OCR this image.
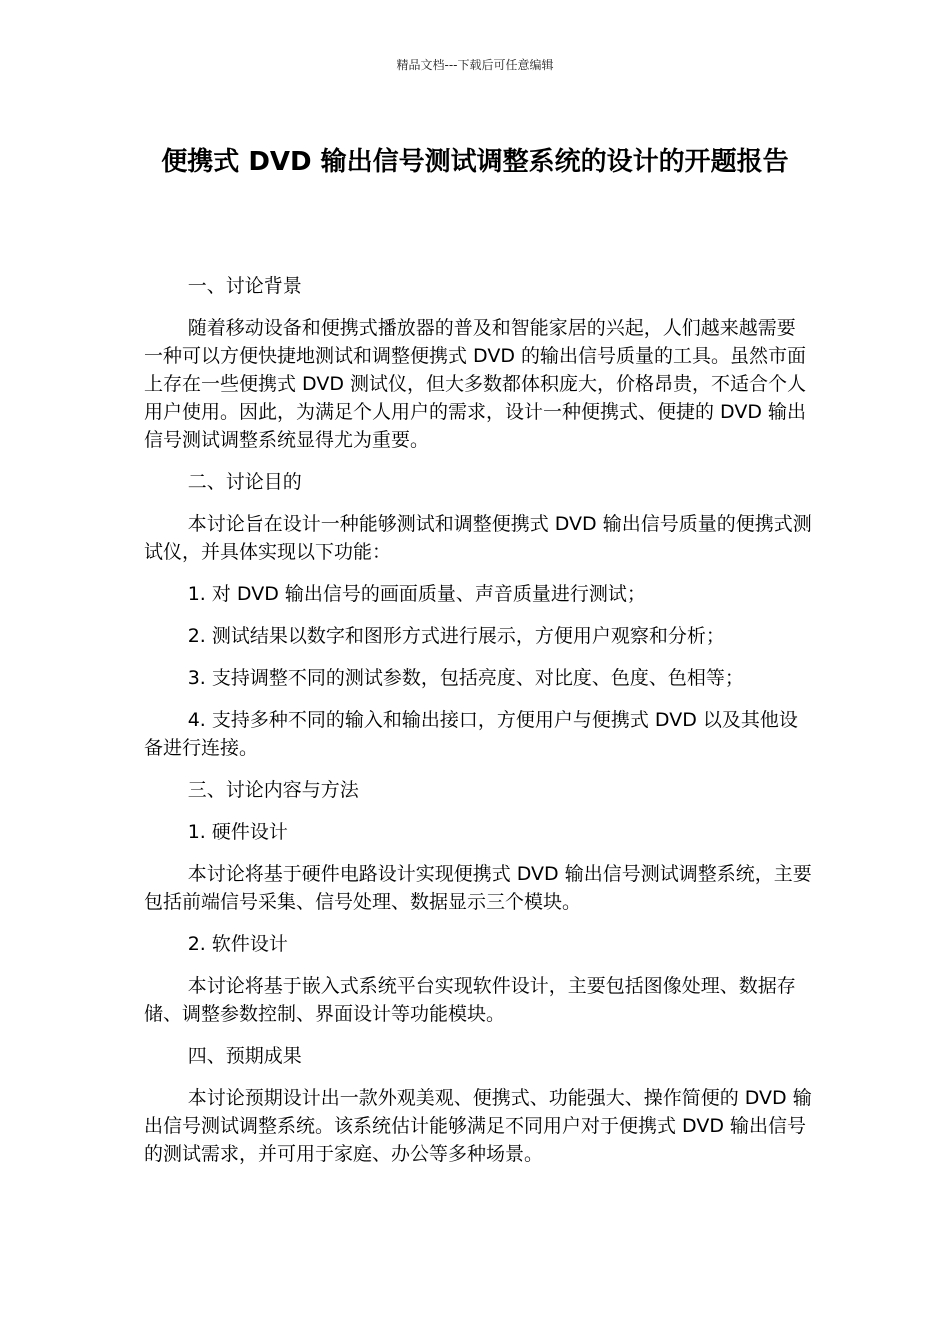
精品文档---下载后可任意编辑
便携式 DVD 输出信号测试调整系统的设计的开题报告

一、讨论背景

随着移动设备和便携式播放器的普及和智能家居的兴起，人们越来越需要一种可以方便快捷地测试和调整便携式 DVD 的输出信号质量的工具。虽然市面上存在一些便携式 DVD 测试仪，但大多数都体积庞大，价格昂贵，不适合个人用户使用。因此，为满足个人用户的需求，设计一种便携式、便捷的 DVD 输出信号测试调整系统显得尤为重要。

二、讨论目的

本讨论旨在设计一种能够测试和调整便携式 DVD 输出信号质量的便携式测试仪，并具体实现以下功能：

1. 对 DVD 输出信号的画面质量、声音质量进行测试；

2. 测试结果以数字和图形方式进行展示，方便用户观察和分析；

3. 支持调整不同的测试参数，包括亮度、对比度、色度、色相等；

4. 支持多种不同的输入和输出接口，方便用户与便携式 DVD 以及其他设备进行连接。

三、讨论内容与方法

1. 硬件设计

本讨论将基于硬件电路设计实现便携式 DVD 输出信号测试调整系统，主要包括前端信号采集、信号处理、数据显示三个模块。

2. 软件设计

本讨论将基于嵌入式系统平台实现软件设计，主要包括图像处理、数据存储、调整参数控制、界面设计等功能模块。

四、预期成果

本讨论预期设计出一款外观美观、便携式、功能强大、操作简便的 DVD 输出信号测试调整系统。该系统估计能够满足不同用户对于便携式 DVD 输出信号的测试需求，并可用于家庭、办公等多种场景。
